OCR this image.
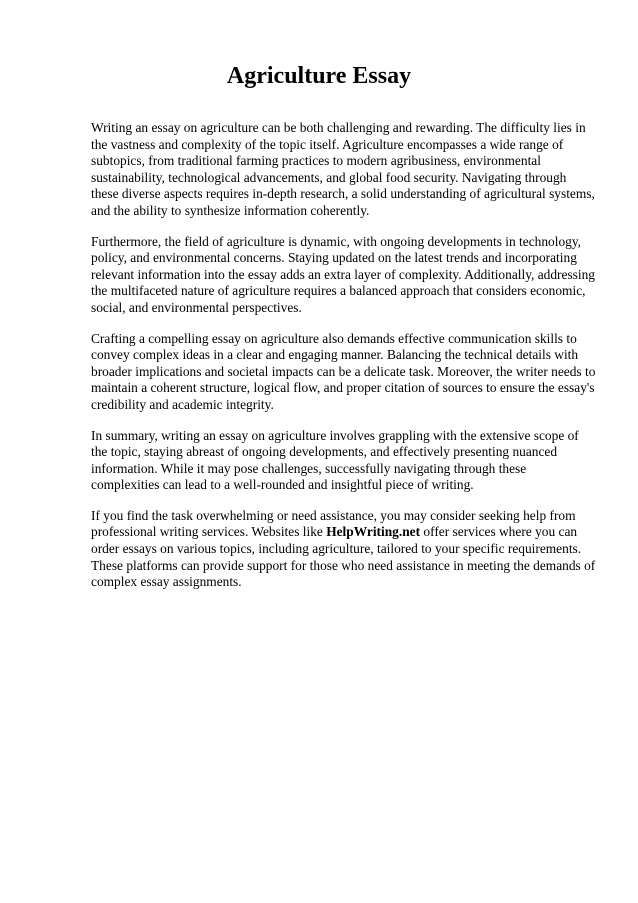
Agriculture Essay

Writing an essay on agriculture can be both challenging and rewarding. The difficulty lies in the vastness and complexity of the topic itself. Agriculture encompasses a wide range of subtopics, from traditional farming practices to modern agribusiness, environmental sustainability, technological advancements, and global food security. Navigating through these diverse aspects requires in-depth research, a solid understanding of agricultural systems, and the ability to synthesize information coherently.

Furthermore, the field of agriculture is dynamic, with ongoing developments in technology, policy, and environmental concerns. Staying updated on the latest trends and incorporating relevant information into the essay adds an extra layer of complexity. Additionally, addressing the multifaceted nature of agriculture requires a balanced approach that considers economic, social, and environmental perspectives.

Crafting a compelling essay on agriculture also demands effective communication skills to convey complex ideas in a clear and engaging manner. Balancing the technical details with broader implications and societal impacts can be a delicate task. Moreover, the writer needs to maintain a coherent structure, logical flow, and proper citation of sources to ensure the essay's credibility and academic integrity.

In summary, writing an essay on agriculture involves grappling with the extensive scope of the topic, staying abreast of ongoing developments, and effectively presenting nuanced information. While it may pose challenges, successfully navigating through these complexities can lead to a well-rounded and insightful piece of writing.

If you find the task overwhelming or need assistance, you may consider seeking help from professional writing services. Websites like HelpWriting.net offer services where you can order essays on various topics, including agriculture, tailored to your specific requirements. These platforms can provide support for those who need assistance in meeting the demands of complex essay assignments.
